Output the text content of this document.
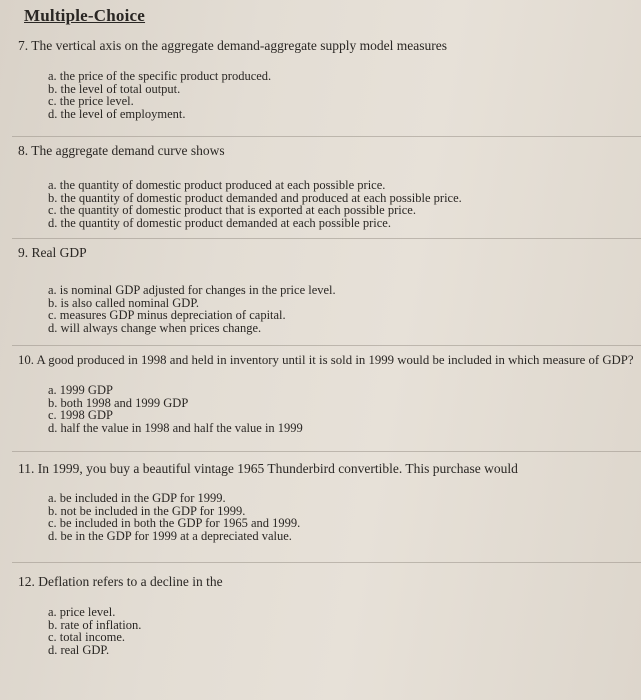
Multiple-Choice
7. The vertical axis on the aggregate demand-aggregate supply model measures
a. the price of the specific product produced.
b. the level of total output.
c. the price level.
d. the level of employment.
8. The aggregate demand curve shows
a. the quantity of domestic product produced at each possible price.
b. the quantity of domestic product demanded and produced at each possible price.
c. the quantity of domestic product that is exported at each possible price.
d. the quantity of domestic product demanded at each possible price.
9. Real GDP
a. is nominal GDP adjusted for changes in the price level.
b. is also called nominal GDP.
c. measures GDP minus depreciation of capital.
d. will always change when prices change.
10. A good produced in 1998 and held in inventory until it is sold in 1999 would be included in which measure of GDP?
a. 1999 GDP
b. both 1998 and 1999 GDP
c. 1998 GDP
d. half the value in 1998 and half the value in 1999
11. In 1999, you buy a beautiful vintage 1965 Thunderbird convertible. This purchase would
a. be included in the GDP for 1999.
b. not be included in the GDP for 1999.
c. be included in both the GDP for 1965 and 1999.
d. be in the GDP for 1999 at a depreciated value.
12. Deflation refers to a decline in the
a. price level.
b. rate of inflation.
c. total income.
d. real GDP.
